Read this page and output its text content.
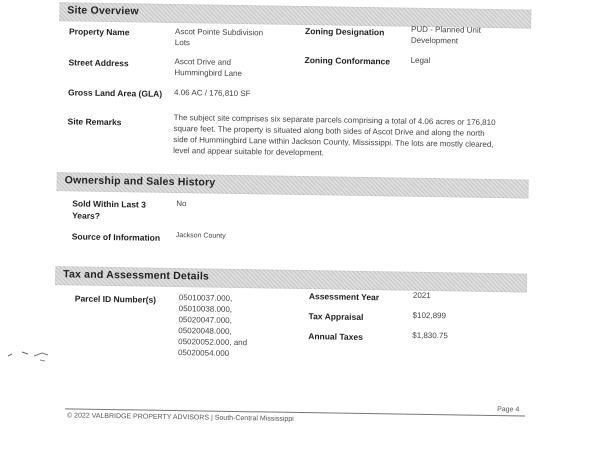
Site Overview
Property Name	Ascot Pointe Subdivision
Lots
Street Address	Ascot Drive and
Hummingbird Lane
Gross Land Area (GLA) 4.06 AC / 176,810 SF
Zoning Designation	PUD - Planned Unit
Development
Zoning Conformance	Legal
Site Remarks	The subject site comprises six separate parcels comprising a total of 4.06 acres or 176,810
square feet. The property is situated along both sides of Ascot Drive and along the north
side of Hummingbird Lane within Jackson County, Mississippi. The lots are mostly cleared,
level and appear suitable for development.
Ownership and Sales History
Sold Within Last 3
Years?
No
Source of Information Jackson County
Tax and Assessment Details
Parcel ID Number(s)	05010037.000,
05010038.000,
05020047.000,
05020048.000,
05020052.000, and
05020054.000
Assessment Year	2021
Tax Appraisal	$102,899
Annual Taxes	$1,830.75
Page 4
© 2022 VALBRIDGE PROPERTY ADVISORS | South-Central Mississippi
